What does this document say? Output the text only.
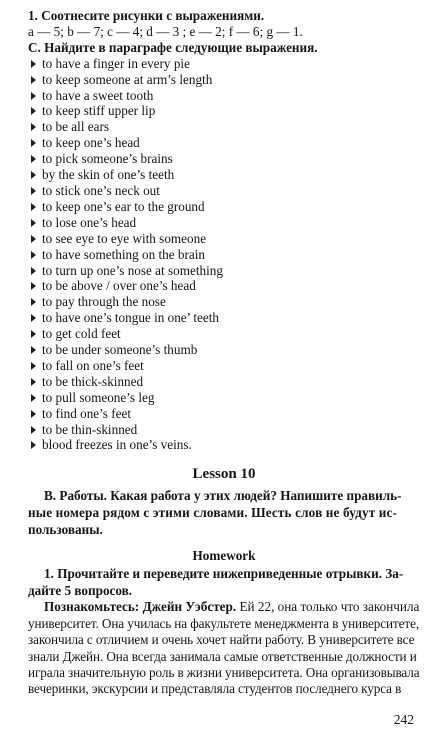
1. Соотнесите рисунки с выражениями.
a — 5; b — 7; c — 4; d — 3 ; e — 2; f — 6; g — 1.
C. Найдите в параграфе следующие выражения.
to have a finger in every pie
to keep someone at arm’s length
to have a sweet tooth
to keep stiff upper lip
to be all ears
to keep one’s head
to pick someone’s brains
by the skin of one’s teeth
to stick one’s neck out
to keep one’s ear to the ground
to lose one’s head
to see eye to eye with someone
to have something on the brain
to turn up one’s nose at something
to be above / over one’s head
to pay through the nose
to have one’s tongue in one’ teeth
to get cold feet
to be under someone’s thumb
to fall on one’s feet
to be thick-skinned
to pull someone’s leg
to find one’s feet
to be thin-skinned
blood freezes in one’s veins.
Lesson 10
B. Работы. Какая работа у этих людей? Напишите правиль-
ные номера рядом с этими словами. Шесть слов не будут ис-
пользованы.
Homework
1. Прочитайте и переведите нижеприведенные отрывки. За-
дайте 5 вопросов.
Познакомьтесь: Джейн Уэбстер. Ей 22, она только что закончила
университет. Она училась на факультете менеджмента в университете,
закончила с отличием и очень хочет найти работу. В университете все
знали Джейн. Она всегда занимала самые ответственные должности и
играла значительную роль в жизни университета. Она организовывала
вечеринки, экскурсии и представляла студентов последнего курса в
242
